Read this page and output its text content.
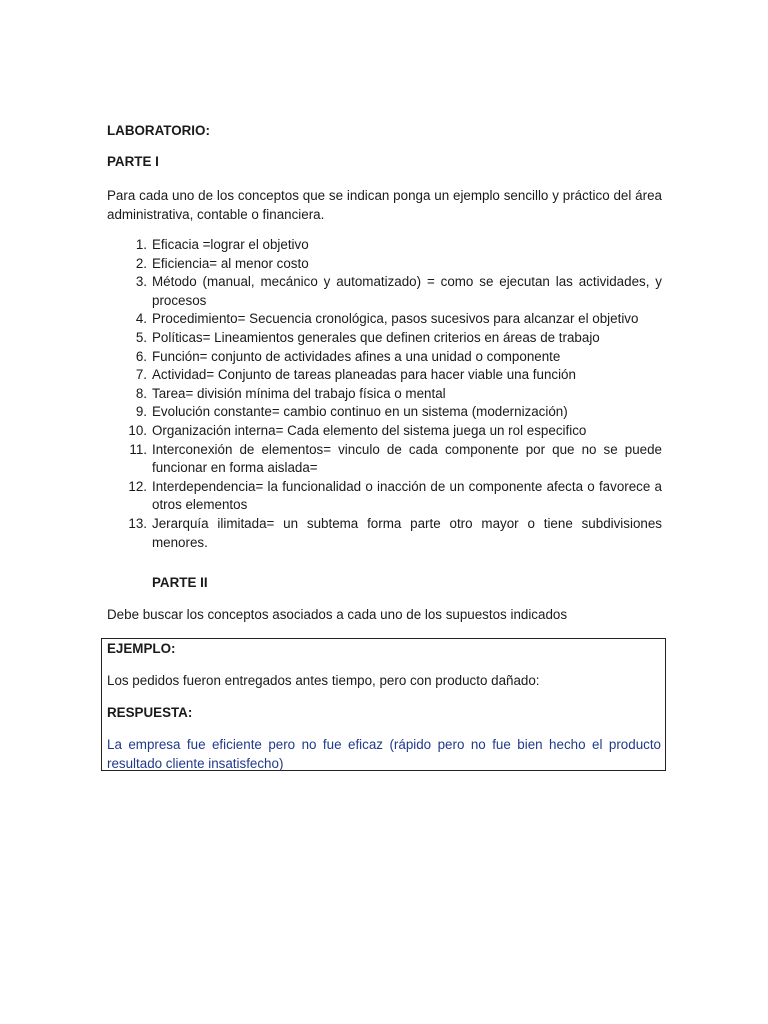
LABORATORIO:
PARTE I
Para cada uno de los conceptos que se indican ponga un ejemplo sencillo y práctico del área administrativa, contable o financiera.
1. Eficacia =lograr el objetivo
2. Eficiencia= al menor costo
3. Método (manual, mecánico y automatizado) = como se ejecutan las actividades, y procesos
4. Procedimiento= Secuencia cronológica, pasos sucesivos para alcanzar el objetivo
5. Políticas= Lineamientos generales que definen criterios en áreas de trabajo
6. Función= conjunto de actividades afines a una unidad o componente
7. Actividad= Conjunto de tareas planeadas para hacer viable una función
8. Tarea= división mínima del trabajo física o mental
9. Evolución constante= cambio continuo en un sistema (modernización)
10. Organización interna= Cada elemento del sistema juega un rol especifico
11. Interconexión de elementos= vinculo de cada componente por que no se puede funcionar en forma aislada=
12. Interdependencia= la funcionalidad o inacción de un componente afecta o favorece a otros elementos
13. Jerarquía ilimitada= un subtema forma parte otro mayor o tiene subdivisiones menores.
PARTE II
Debe buscar los conceptos asociados a cada uno de los supuestos indicados
EJEMPLO:
Los pedidos fueron entregados antes tiempo, pero con producto dañado:
RESPUESTA:
La empresa fue eficiente pero no fue eficaz (rápido pero no fue bien hecho el producto resultado cliente insatisfecho)
